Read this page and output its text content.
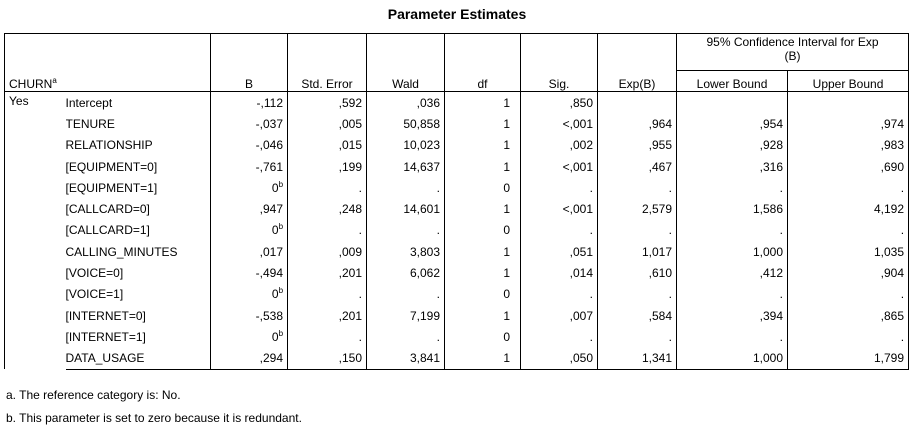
Parameter Estimates
CHURN$^a$		B	Std. Error	Wald	df	Sig.	Exp(B)	95% Confidence Interval for Exp
(B)	
								Lower Bound	Upper Bound
Yes	Intercept	-,112	,592	,036	1	,850			
	TENURE	-,037	,005	50,858	1	<,001	,964	,954	,974
	RELATIONSHIP	-,046	,015	10,023	1	,002	,955	,928	,983
	[EQUIPMENT=0]	-,761	,199	14,637	1	<,001	,467	,316	,690
	[EQUIPMENT=1]	0$^b$	.	.	0	.	.	.	.
	[CALLCARD=0]	,947	,248	14,601	1	<,001	2,579	1,586	4,192
	[CALLCARD=1]	0$^b$	.	.	0	.	.	.	.
	CALLING_MINUTES	,017	,009	3,803	1	,051	1,017	1,000	1,035
	[VOICE=0]	-,494	,201	6,062	1	,014	,610	,412	,904
	[VOICE=1]	0$^b$	.	.	0	.	.	.	.
	[INTERNET=0]	-,538	,201	7,199	1	,007	,584	,394	,865
	[INTERNET=1]	0$^b$	.	.	0	.	.	.	.
	DATA_USAGE	,294	,150	3,841	1	,050	1,341	1,000	1,799
a. The reference category is: No.
b. This parameter is set to zero because it is redundant.
